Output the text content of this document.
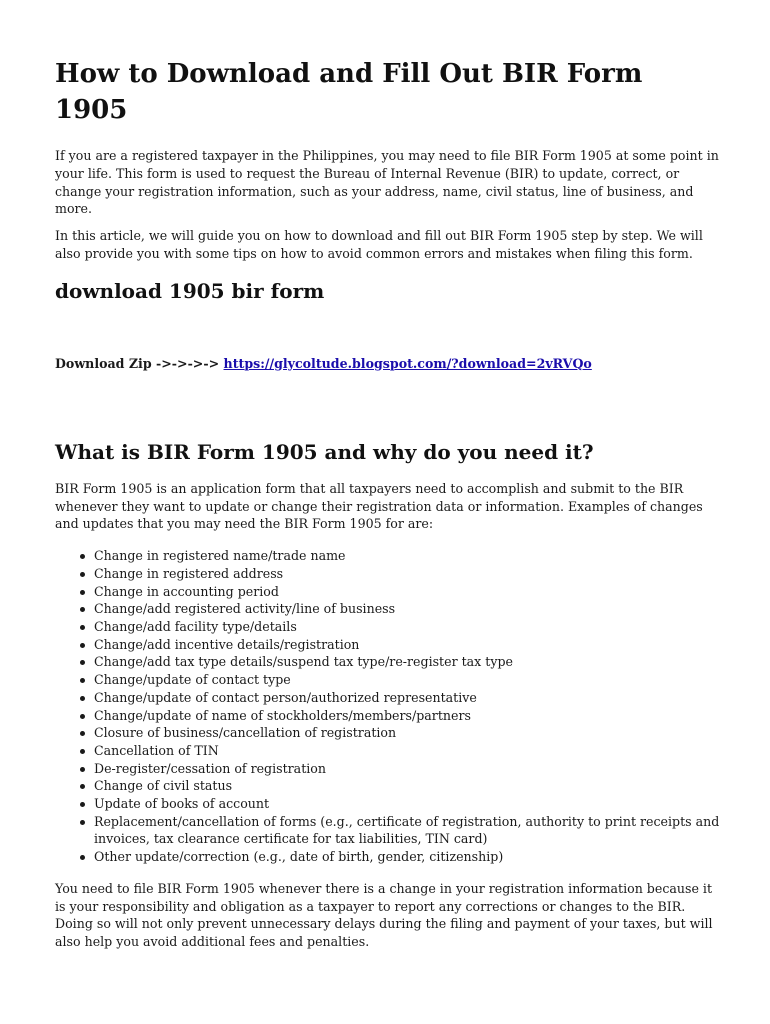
How to Download and Fill Out BIR Form 1905

If you are a registered taxpayer in the Philippines, you may need to file BIR Form 1905 at some point in your life. This form is used to request the Bureau of Internal Revenue (BIR) to update, correct, or change your registration information, such as your address, name, civil status, line of business, and more.

In this article, we will guide you on how to download and fill out BIR Form 1905 step by step. We will also provide you with some tips on how to avoid common errors and mistakes when filing this form.

download 1905 bir form
Download Zip ->->->-> https://glycoltude.blogspot.com/?download=2vRVQo
What is BIR Form 1905 and why do you need it?

BIR Form 1905 is an application form that all taxpayers need to accomplish and submit to the BIR whenever they want to update or change their registration data or information. Examples of changes and updates that you may need the BIR Form 1905 for are:

Change in registered name/trade name
Change in registered address
Change in accounting period
Change/add registered activity/line of business
Change/add facility type/details
Change/add incentive details/registration
Change/add tax type details/suspend tax type/re-register tax type
Change/update of contact type
Change/update of contact person/authorized representative
Change/update of name of stockholders/members/partners
Closure of business/cancellation of registration
Cancellation of TIN
De-register/cessation of registration
Change of civil status
Update of books of account
Replacement/cancellation of forms (e.g., certificate of registration, authority to print receipts and invoices, tax clearance certificate for tax liabilities, TIN card)
Other update/correction (e.g., date of birth, gender, citizenship)

You need to file BIR Form 1905 whenever there is a change in your registration information because it is your responsibility and obligation as a taxpayer to report any corrections or changes to the BIR. Doing so will not only prevent unnecessary delays during the filing and payment of your taxes, but will also help you avoid additional fees and penalties.
